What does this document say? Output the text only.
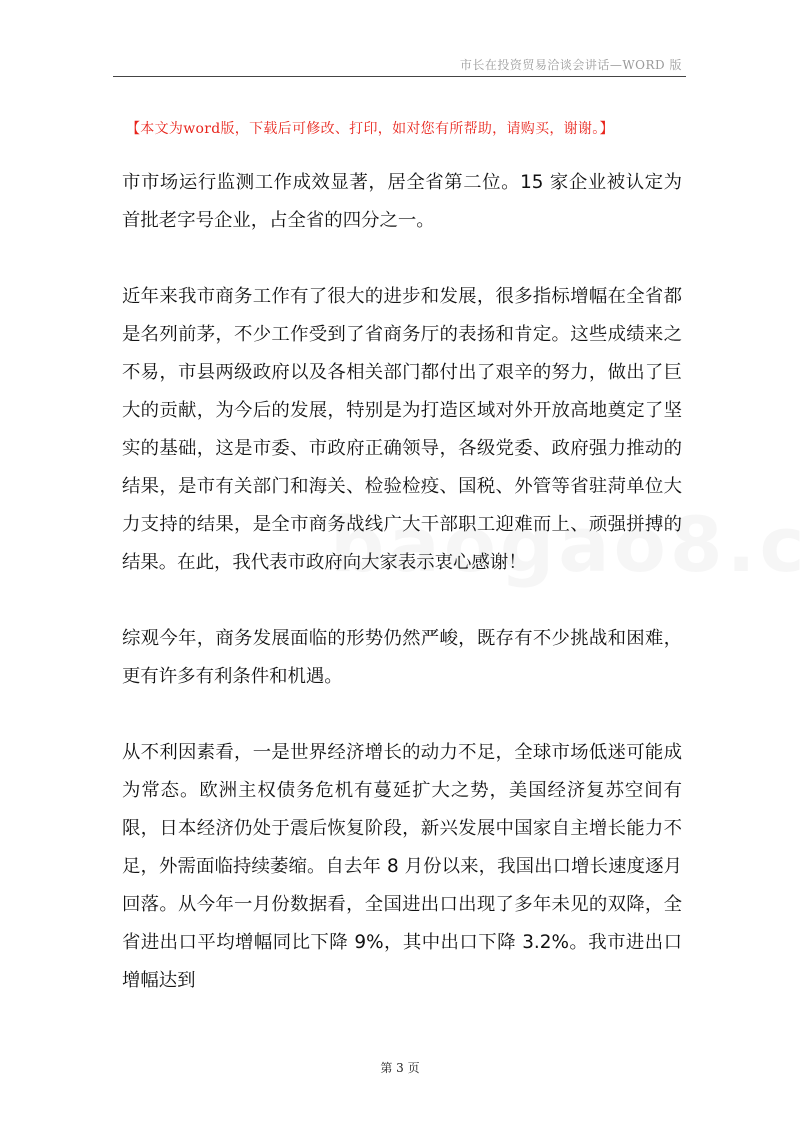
市长在投资贸易洽谈会讲话—WORD 版
【本文为word版，下载后可修改、打印，如对您有所帮助，请购买，谢谢。】

市市场运行监测工作成效显著，居全省第二位。15 家企业被认定为首批老字号企业，占全省的四分之一。

近年来我市商务工作有了很大的进步和发展，很多指标增幅在全省都是名列前茅，不少工作受到了省商务厅的表扬和肯定。这些成绩来之不易，市县两级政府以及各相关部门都付出了艰辛的努力，做出了巨大的贡献，为今后的发展，特别是为打造区域对外开放高地奠定了坚实的基础，这是市委、市政府正确领导，各级党委、政府强力推动的结果，是市有关部门和海关、检验检疫、国税、外管等省驻菏单位大力支持的结果，是全市商务战线广大干部职工迎难而上、顽强拼搏的结果。在此，我代表市政府向大家表示衷心感谢！

综观今年，商务发展面临的形势仍然严峻，既存有不少挑战和困难，更有许多有利条件和机遇。

从不利因素看，一是世界经济增长的动力不足，全球市场低迷可能成为常态。欧洲主权债务危机有蔓延扩大之势，美国经济复苏空间有限，日本经济仍处于震后恢复阶段，新兴发展中国家自主增长能力不足，外需面临持续萎缩。自去年 8 月份以来，我国出口增长速度逐月回落。从今年一月份数据看，全国进出口出现了多年未见的双降，全省进出口平均增幅同比下降 9%，其中出口下降 3.2%。我市进出口增幅达到

第 3 页
